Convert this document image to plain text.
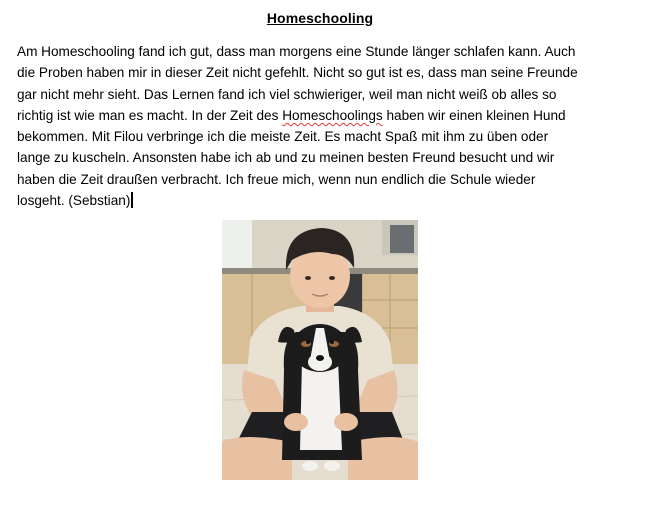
Homeschooling
Am Homeschooling fand ich gut, dass man morgens eine Stunde länger schlafen kann. Auch
die Proben haben mir in dieser Zeit nicht gefehlt. Nicht so gut ist es, dass man seine Freunde
gar nicht mehr sieht. Das Lernen fand ich viel schwieriger, weil man nicht weiß ob alles so
richtig ist wie man es macht. In der Zeit des Homeschoolings haben wir einen kleinen Hund
bekommen. Mit Filou verbringe ich die meiste Zeit. Es macht Spaß mit ihm zu üben oder
lange zu kuscheln. Ansonsten habe ich ab und zu meinen besten Freund besucht und wir
haben die Zeit draußen verbracht. Ich freue mich, wenn nun endlich die Schule wieder
losgeht. (Sebstian)
